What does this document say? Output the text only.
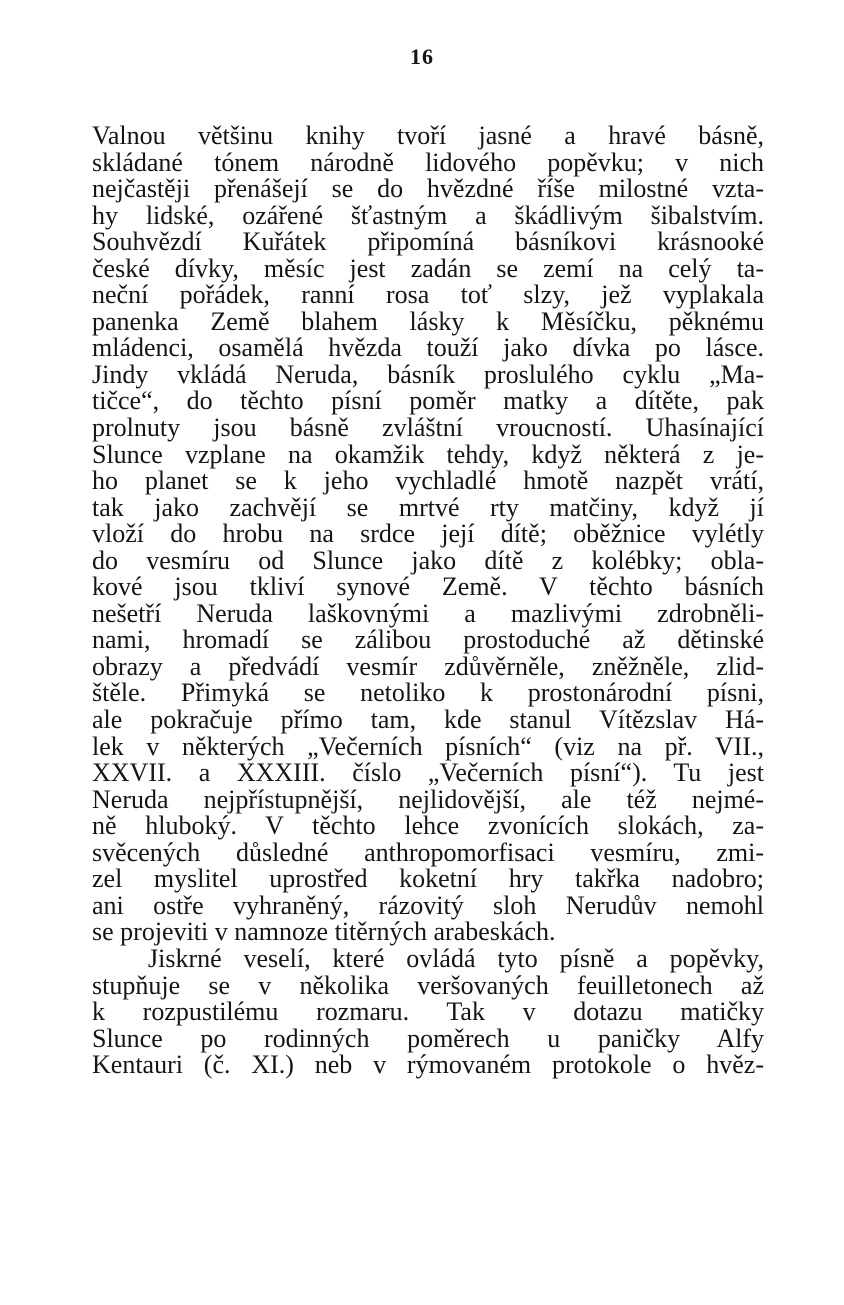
16
Valnou většinu knihy tvoří jasné a hravé básně,
skládané tónem národně lidového popěvku; v nich
nejčastěji přenášejí se do hvězdné říše milostné vzta-
hy lidské, ozářené šťastným a škádlivým šibalstvím.
Souhvězdí Kuřátek připomíná básníkovi krásnooké
české dívky, měsíc jest zadán se zemí na celý ta-
neční pořádek, ranní rosa toť slzy, jež vyplakala
panenka Země blahem lásky k Měsíčku, pěknému
mládenci, osamělá hvězda touží jako dívka po lásce.
Jindy vkládá Neruda, básník proslulého cyklu „Ma-
tičce“, do těchto písní poměr matky a dítěte, pak
prolnuty jsou básně zvláštní vroucností. Uhasínající
Slunce vzplane na okamžik tehdy, když některá z je-
ho planet se k jeho vychladlé hmotě nazpět vrátí,
tak jako zachvějí se mrtvé rty matčiny, když jí
vloží do hrobu na srdce její dítě; oběžnice vylétly
do vesmíru od Slunce jako dítě z kolébky; obla-
kové jsou tkliví synové Země. V těchto básních
nešetří Neruda laškovnými a mazlivými zdrobněli-
nami, hromadí se zálibou prostoduché až dětinské
obrazy a předvádí vesmír zdůvěrněle, zněžněle, zlid-
štěle. Přimyká se netoliko k prostonárodní písni,
ale pokračuje přímo tam, kde stanul Vítězslav Há-
lek v některých „Večerních písních“ (viz na př. VII.,
XXVII. a XXXIII. číslo „Večerních písní“). Tu jest
Neruda nejpřístupnější, nejlidovější, ale též nejmé-
ně hluboký. V těchto lehce zvonících slokách, za-
svěcených důsledné anthropomorfisaci vesmíru, zmi-
zel myslitel uprostřed koketní hry takřka nadobro;
ani ostře vyhraněný, rázovitý sloh Nerudův nemohl
se projeviti v namnoze titěrných arabeskách.
Jiskrné veselí, které ovládá tyto písně a popěvky,
stupňuje se v několika veršovaných feuilletonech až
k rozpustilému rozmaru. Tak v dotazu matičky
Slunce po rodinných poměrech u paničky Alfy
Kentauri (č. XI.) neb v rýmovaném protokole o hvěz-
